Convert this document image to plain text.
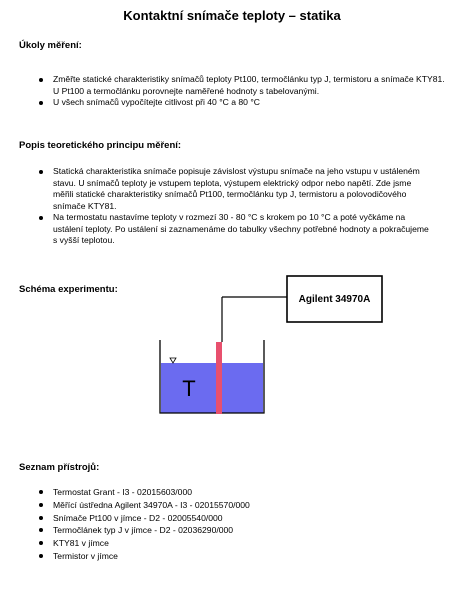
Kontaktní snímače teploty – statika
Úkoly měření:
Změřte statické charakteristiky snímačů teploty Pt100, termočlánku typ J, termistoru a snímače KTY81. U Pt100 a termočlánku porovnejte naměřené hodnoty s tabelovanými.
U všech snímačů vypočítejte citlivost při 40 °C a 80 °C
Popis teoretického principu měření:
Statická charakteristika snímače popisuje závislost výstupu snímače na jeho vstupu v ustáleném stavu. U snímačů teploty je vstupem teplota, výstupem elektrický odpor nebo napětí. Zde jsme měřili statické charakteristiky snímačů Pt100, termočlánku typ J, termistoru a polovodičového snímače KTY81.
Na termostatu nastavíme teploty v rozmezí 30 - 80 °C s krokem po 10 °C a poté vyčkáme na ustálení teploty. Po ustálení si zaznamenáme do tabulky všechny potřebné hodnoty a pokračujeme s vyšší teplotou.
Schéma experimentu:
Agilent 34970A
T
Seznam přístrojů:
Termostat Grant - I3 - 02015603/000
Měřící ústředna Agilent 34970A - I3 - 02015570/000
Snímače Pt100 v jímce - D2 - 02005540/000
Termočlánek typ J v jímce - D2 - 02036290/000
KTY81 v jímce
Termistor v jímce
